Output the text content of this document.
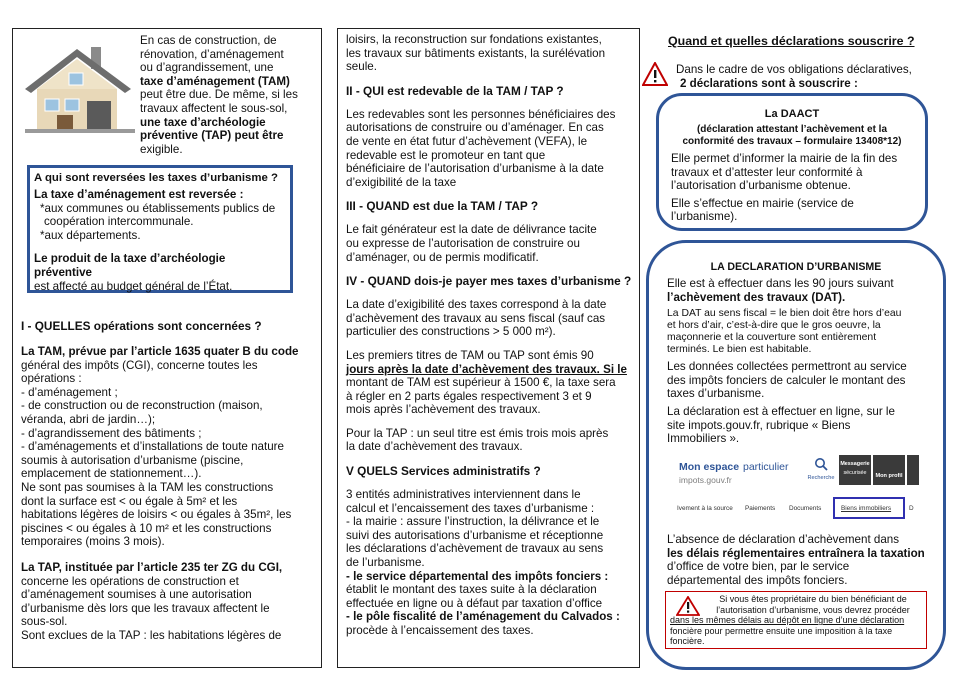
En cas de construction, de

rénovation, d’aménagement

ou d’agrandissement, une

taxe d’aménagement (TAM)

peut être due. De même, si les

travaux affectent le sous-sol,

une taxe d’archéologie

préventive (TAP) peut être

exigible.

A qui sont reversées les taxes d’urbanisme ?

La taxe d’aménagement est reversée :

*aux communes ou établissements publics de

coopération intercommunale.

*aux départements.

Le produit de la taxe d’archéologie préventive

est affecté au budget général de l’État.

I - QUELLES opérations sont concernées ?

La TAM, prévue par l’article 1635 quater B du code

général des impôts (CGI), concerne toutes les

opérations :

- d’aménagement ;

- de construction ou de reconstruction (maison,

véranda, abri de jardin…);

- d’agrandissement des bâtiments ;

- d’aménagements et d’installations de toute nature

soumis à autorisation d’urbanisme (piscine,

emplacement de stationnement…).

Ne sont pas soumises à la TAM les constructions

dont la surface est < ou égale à 5m² et les

habitations légères de loisirs < ou égales à 35m², les

piscines < ou égales à 10 m² et les constructions

temporaires (moins 3 mois).

La TAP, instituée par l’article 235 ter ZG du CGI,

concerne les opérations de construction et

d’aménagement soumises à une autorisation

d’urbanisme dès lors que les travaux affectent le

sous-sol.

Sont exclues de la TAP : les habitations légères de

loisirs, la reconstruction sur fondations existantes,

les travaux sur bâtiments existants, la surélévation

seule.

II - QUI est redevable de la TAM / TAP ?

Les redevables sont les personnes bénéficiaires des

autorisations de construire ou d’aménager. En cas

de vente en état futur d’achèvement (VEFA), le

redevable est le promoteur en tant que

bénéficiaire de l’autorisation d’urbanisme à la date

d’exigibilité de la taxe

III - QUAND est due la TAM / TAP ?

Le fait générateur est la date de délivrance tacite

ou expresse de l’autorisation de construire ou

d’aménager, ou de permis modificatif.

IV - QUAND dois-je payer mes taxes d’urbanisme ?

La date d’exigibilité des taxes correspond à la date

d’achèvement des travaux au sens fiscal (sauf cas

particulier des constructions > 5 000 m²).

Les premiers titres de TAM ou TAP sont émis 90

jours après la date d’achèvement des travaux. Si le

montant de TAM est supérieur à 1500 €, la taxe sera

à régler en 2 parts égales respectivement 3 et 9

mois après l’achèvement des travaux.

Pour la TAP : un seul titre est émis trois mois après

la date d’achèvement des travaux.

V QUELS Services administratifs ?

3 entités administratives interviennent dans le

calcul et l’encaissement des taxes d’urbanisme :

- la mairie : assure l’instruction, la délivrance et le

suivi des autorisations d’urbanisme et réceptionne

les déclarations d’achèvement de travaux au sens

de l’urbanisme.

- le service départemental des impôts fonciers :

établit le montant des taxes suite à la déclaration

effectuée en ligne ou à défaut par taxation d’office

- le pôle fiscalité de l’aménagement du Calvados :

procède à l’encaissement des taxes.

Quand et quelles déclarations souscrire ?

Dans le cadre de vos obligations déclaratives,

2 déclarations sont à souscrire :

La DAACT

(déclaration attestant l’achèvement et la

conformité des travaux – formulaire 13408*12)

Elle permet d’informer la mairie de la fin des

travaux et d’attester leur conformité à

l’autorisation d’urbanisme obtenue.

Elle s’effectue en mairie (service de

l’urbanisme).

LA DECLARATION D’URBANISME

Elle est à effectuer dans les 90 jours suivant

l’achèvement des travaux (DAT).

La DAT au sens fiscal = le bien doit être hors d’eau

et hors d’air, c’est-à-dire que le gros oeuvre, la

maçonnerie et la couverture sont entièrement

terminés. Le bien est habitable.

Les données collectées permettront au service

des impôts fonciers de calculer le montant des

taxes d’urbanisme.

La déclaration est à effectuer en ligne, sur le

site impots.gouv.fr, rubrique « Biens

Immobiliers ».

Mon espace particulier
impots.gouv.fr	Recherche
Messagerie
sécurisée	Mon profil
Ivement à la source Paiements Documents	Biens immobiliers	D

L’absence de déclaration d’achèvement dans

les délais réglementaires entraînera la taxation

d’office de votre bien, par le service

départemental des impôts fonciers.

Si vous êtes propriétaire du bien bénéficiant de

l’autorisation d’urbanisme, vous devrez procéder

dans les mêmes délais au dépôt en ligne d’une déclaration

foncière pour permettre ensuite une imposition à la taxe

foncière.
